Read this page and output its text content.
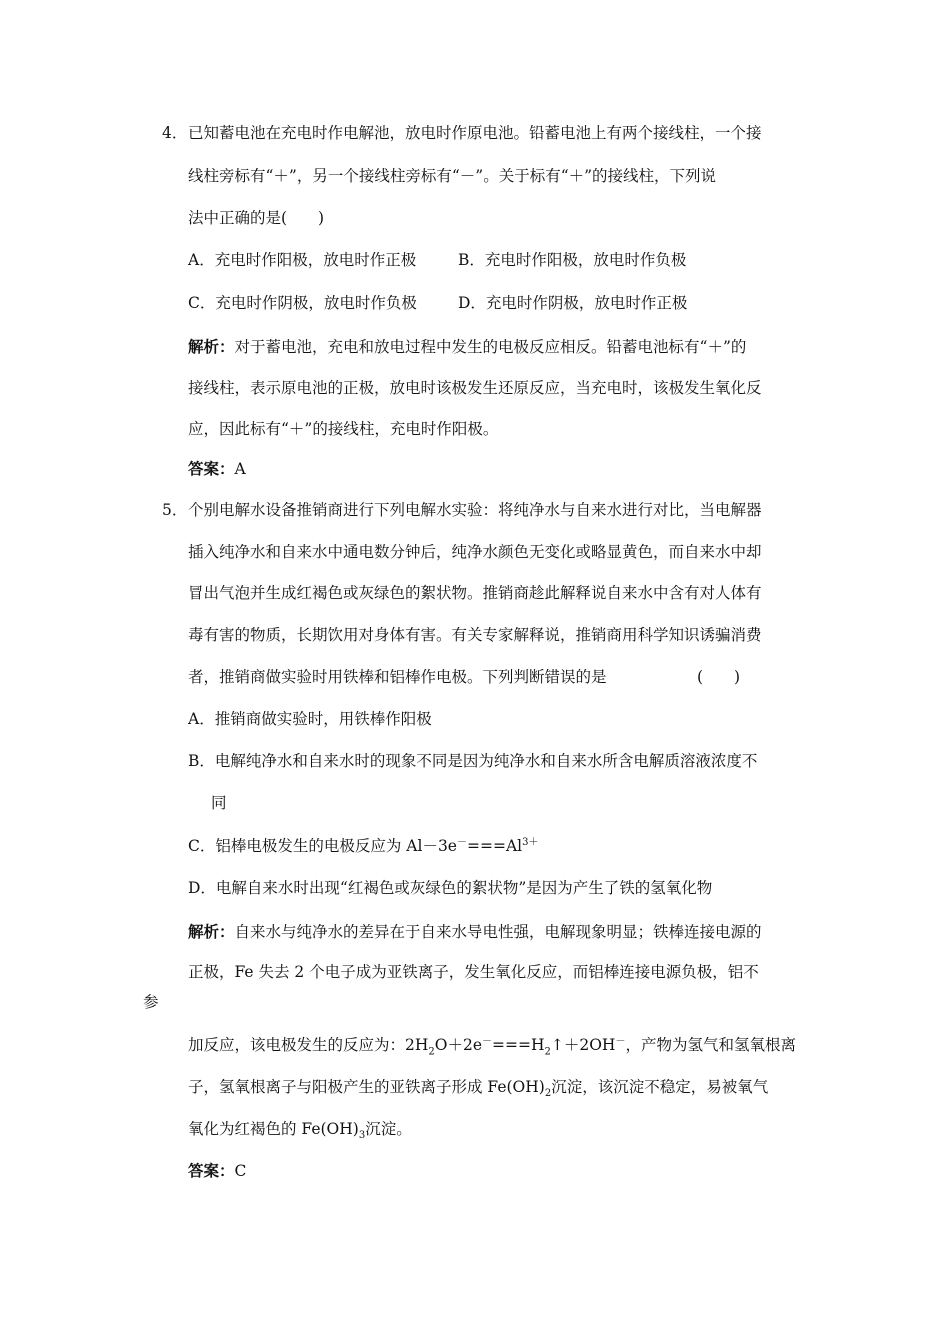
4． 已知蓄电池在充电时作电解池，放电时作原电池。铅蓄电池上有两个接线柱，一个接
线柱旁标有“＋”，另一个接线柱旁标有“－”。关于标有“＋”的接线柱，下列说
法中正确的是(　　)
A．充电时作阳极，放电时作正极	B．充电时作阳极，放电时作负极
C．充电时作阴极，放电时作负极	D．充电时作阴极，放电时作正极
解析：对于蓄电池，充电和放电过程中发生的电极反应相反。铅蓄电池标有“＋”的
接线柱，表示原电池的正极，放电时该极发生还原反应，当充电时，该极发生氧化反
应，因此标有“＋”的接线柱，充电时作阳极。
答案：A
5． 个别电解水设备推销商进行下列电解水实验：将纯净水与自来水进行对比，当电解器
插入纯净水和自来水中通电数分钟后，纯净水颜色无变化或略显黄色，而自来水中却
冒出气泡并生成红褐色或灰绿色的絮状物。推销商趁此解释说自来水中含有对人体有
毒有害的物质，长期饮用对身体有害。有关专家解释说，推销商用科学知识诱骗消费
者，推销商做实验时用铁棒和铝棒作电极。下列判断错误的是	(　　)
A．推销商做实验时，用铁棒作阳极
B．电解纯净水和自来水时的现象不同是因为纯净水和自来水所含电解质溶液浓度不
同
C．铝棒电极发生的电极反应为 $Al-3e^-===Al^{3+}$
D．电解自来水时出现“红褐色或灰绿色的絮状物”是因为产生了铁的氢氧化物
解析：自来水与纯净水的差异在于自来水导电性强，电解现象明显；铁棒连接电源的
正极，Fe 失去 2 个电子成为亚铁离子，发生氧化反应，而铝棒连接电源负极，铝不
参
加反应，该电极发生的反应为：$2H_2O+2e^-===H_2↑+2OH^-$，产物为氢气和氢氧根离
子，氢氧根离子与阳极产生的亚铁离子形成 $Fe(OH)_2$沉淀，该沉淀不稳定，易被氧气
氧化为红褐色的 $Fe(OH)_3$沉淀。
答案：C
